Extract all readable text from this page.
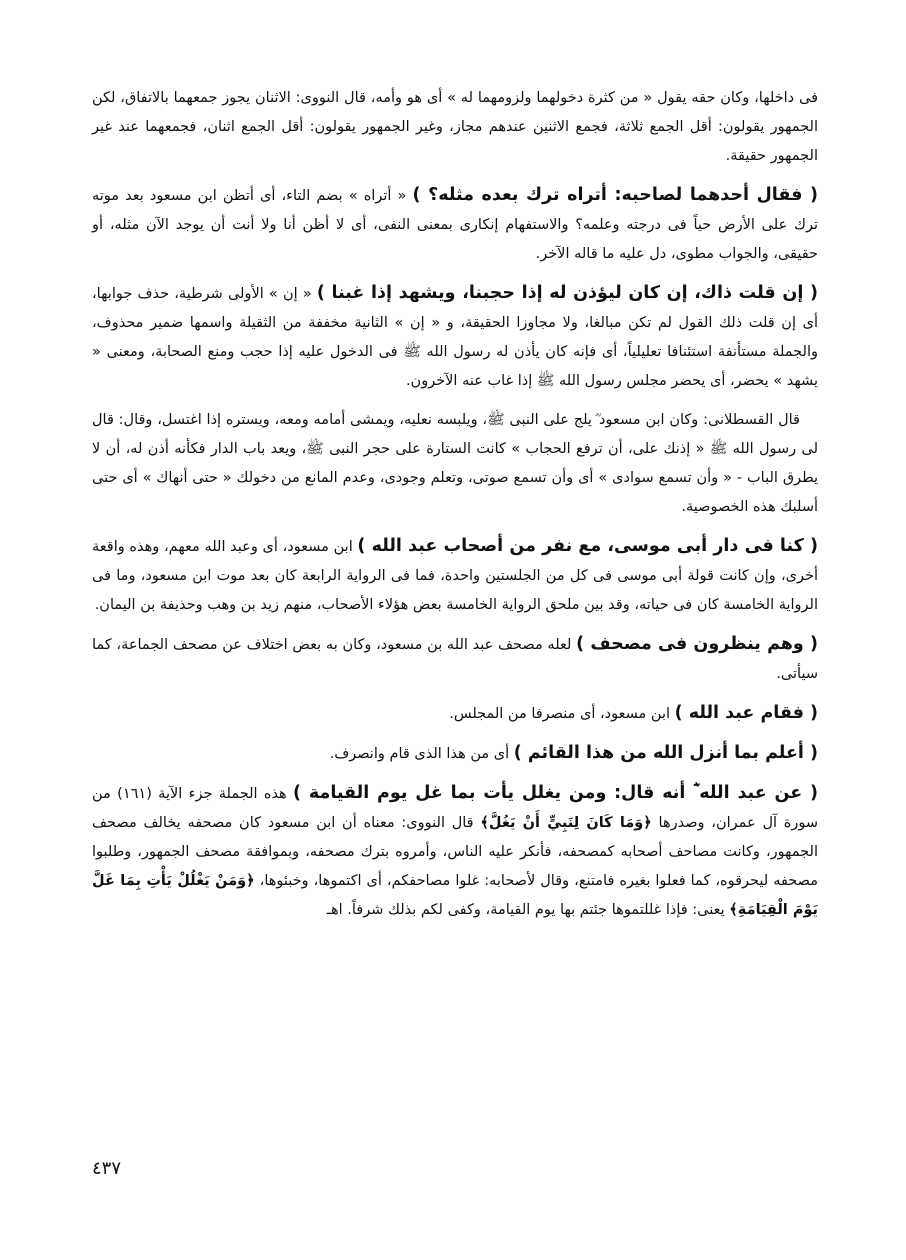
فى داخلها، وكان حقه يقول « من كثرة دخولهما ولزومهما له » أى هو وأمه، قال النووى: الاثنان يجوز جمعهما بالاتفاق، لكن الجمهور يقولون: أقل الجمع ثلاثة، فجمع الاثنين عندهم مجاز، وغير الجمهور يقولون: أقل الجمع اثنان، فجمعهما عند غير الجمهور حقيقة.

( فقال أحدهما لصاحبه: أتراه ترك بعده مثله؟ ) « أتراه » بضم التاء، أى أتظن ابن مسعود بعد موته ترك على الأرض حياً فى درجته وعلمه؟ والاستفهام إنكارى بمعنى النفى، أى لا أظن أنا ولا أنت أن يوجد الآن مثله، أو حقيقى، والجواب مطوى، دل عليه ما قاله الآخر.

( إن قلت ذاك، إن كان ليؤذن له إذا حجبنا، ويشهد إذا غبنا ) « إن » الأولى شرطية، حذف جوابها، أى إن قلت ذلك القول لم تكن مبالغا، ولا مجاوزا الحقيقة، و « إن » الثانية مخففة من الثقيلة واسمها ضمير محذوف، والجملة مستأنفة استئنافا تعليلياً، أى فإنه كان يأذن له رسول الله ﷺ فى الدخول عليه إذا حجب ومنع الصحابة، ومعنى « يشهد » يحضر، أى يحضر مجلس رسول الله ﷺ إذا غاب عنه الآخرون.

قال القسطلانى: وكان ابن مسعود ؓ يلج على النبى ﷺ، ويلبسه نعليه، ويمشى أمامه ومعه، ويستره إذا اغتسل، وقال: قال لى رسول الله ﷺ « إذنك على، أن ترفع الحجاب » كانت الستارة على حجر النبى ﷺ، ويعد باب الدار فكأنه أذن له، أن لا يطرق الباب - « وأن تسمع سوادى » أى وأن تسمع صوتى، وتعلم وجودى، وعدم المانع من دخولك « حتى أنهاك » أى حتى أسلبك هذه الخصوصية.

( كنا فى دار أبى موسى، مع نفر من أصحاب عبد الله ) ابن مسعود، أى وعبد الله معهم، وهذه واقعة أخرى، وإن كانت قولة أبى موسى فى كل من الجلستين واحدة، فما فى الرواية الرابعة كان بعد موت ابن مسعود، وما فى الرواية الخامسة كان فى حياته، وقد بين ملحق الرواية الخامسة بعض هؤلاء الأصحاب، منهم زيد بن وهب وحذيفة بن اليمان.

( وهم ينظرون فى مصحف ) لعله مصحف عبد الله بن مسعود، وكان به بعض اختلاف عن مصحف الجماعة، كما سيأتى.

( فقام عبد الله ) ابن مسعود، أى منصرفا من المجلس.

( أعلم بما أنزل الله من هذا القائم ) أى من هذا الذى قام وانصرف.

( عن عبد الله ؓ أنه قال: ومن يغلل يأت بما غل يوم القيامة ) هذه الجملة جزء الآية (١٦١) من سورة آل عمران، وصدرها ﴿وَمَا كَانَ لِنَبِيٍّ أَنْ يَغُلَّ﴾ قال النووى: معناه أن ابن مسعود كان مصحفه يخالف مصحف الجمهور، وكانت مصاحف أصحابه كمصحفه، فأنكر عليه الناس، وأمروه بترك مصحفه، وبموافقة مصحف الجمهور، وطلبوا مصحفه ليحرقوه، كما فعلوا بغيره فامتنع، وقال لأصحابه: غلوا مصاحفكم، أى اكتموها، وخبئوها، ﴿وَمَنْ يَغْلُلْ يَأْتِ بِمَا غَلَّ يَوْمَ الْقِيَامَةِ﴾ يعنى: فإذا غللتموها جئتم بها يوم القيامة، وكفى لكم بذلك شرفاً. اهـ

٤٣٧
